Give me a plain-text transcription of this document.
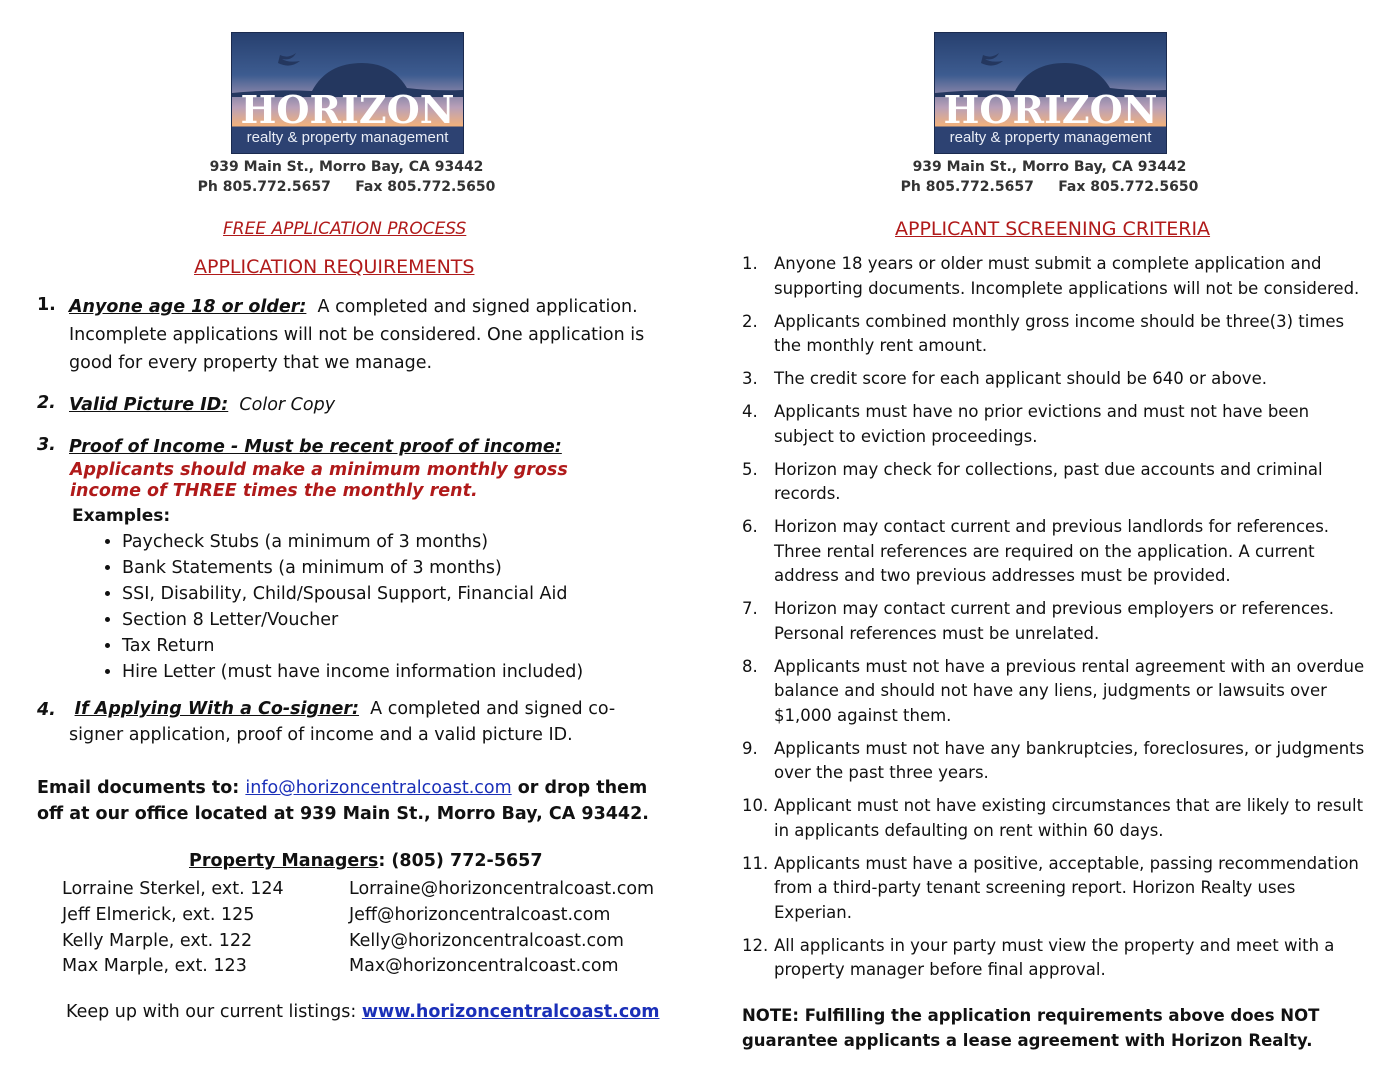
HORIZON
realty & property management
939 Main St., Morro Bay, CA 93442
Ph 805.772.5657 Fax 805.772.5650
FREE APPLICATION PROCESS
APPLICATION REQUIREMENTS
1. Anyone age 18 or older: A completed and signed application. Incomplete applications will not be considered. One application is good for every property that we manage.
2. Valid Picture ID: Color Copy
3. Proof of Income - Must be recent proof of income:
Applicants should make a minimum monthly gross income of THREE times the monthly rent.
Examples:
• Paycheck Stubs (a minimum of 3 months)
• Bank Statements (a minimum of 3 months)
• SSI, Disability, Child/Spousal Support, Financial Aid
• Section 8 Letter/Voucher
• Tax Return
• Hire Letter (must have income information included)
4.	If Applying With a Co-signer: A completed and signed co-signer application, proof of income and a valid picture ID.
Email documents to: info@horizoncentralcoast.com or drop them off at our office located at 939 Main St., Morro Bay, CA 93442.
Property Managers: (805) 772-5657
Lorraine Sterkel, ext. 124	Lorraine@horizoncentralcoast.com
Jeff Elmerick, ext. 125	Jeff@horizoncentralcoast.com
Kelly Marple, ext. 122	Kelly@horizoncentralcoast.com
Max Marple, ext. 123	Max@horizoncentralcoast.com
Keep up with our current listings: www.horizoncentralcoast.com
HORIZON
realty & property management
939 Main St., Morro Bay, CA 93442
Ph 805.772.5657 Fax 805.772.5650
APPLICANT SCREENING CRITERIA
1. Anyone 18 years or older must submit a complete application and supporting documents. Incomplete applications will not be considered.
2. Applicants combined monthly gross income should be three(3) times the monthly rent amount.
3. The credit score for each applicant should be 640 or above.
4. Applicants must have no prior evictions and must not have been subject to eviction proceedings.
5. Horizon may check for collections, past due accounts and criminal records.
6. Horizon may contact current and previous landlords for references. Three rental references are required on the application. A current address and two previous addresses must be provided.
7. Horizon may contact current and previous employers or references. Personal references must be unrelated.
8. Applicants must not have a previous rental agreement with an overdue balance and should not have any liens, judgments or lawsuits over $1,000 against them.
9. Applicants must not have any bankruptcies, foreclosures, or judgments over the past three years.
10. Applicant must not have existing circumstances that are likely to result in applicants defaulting on rent within 60 days.
11. Applicants must have a positive, acceptable, passing recommendation from a third-party tenant screening report. Horizon Realty uses Experian.
12. All applicants in your party must view the property and meet with a property manager before final approval.
NOTE: Fulfilling the application requirements above does NOT guarantee applicants a lease agreement with Horizon Realty.
